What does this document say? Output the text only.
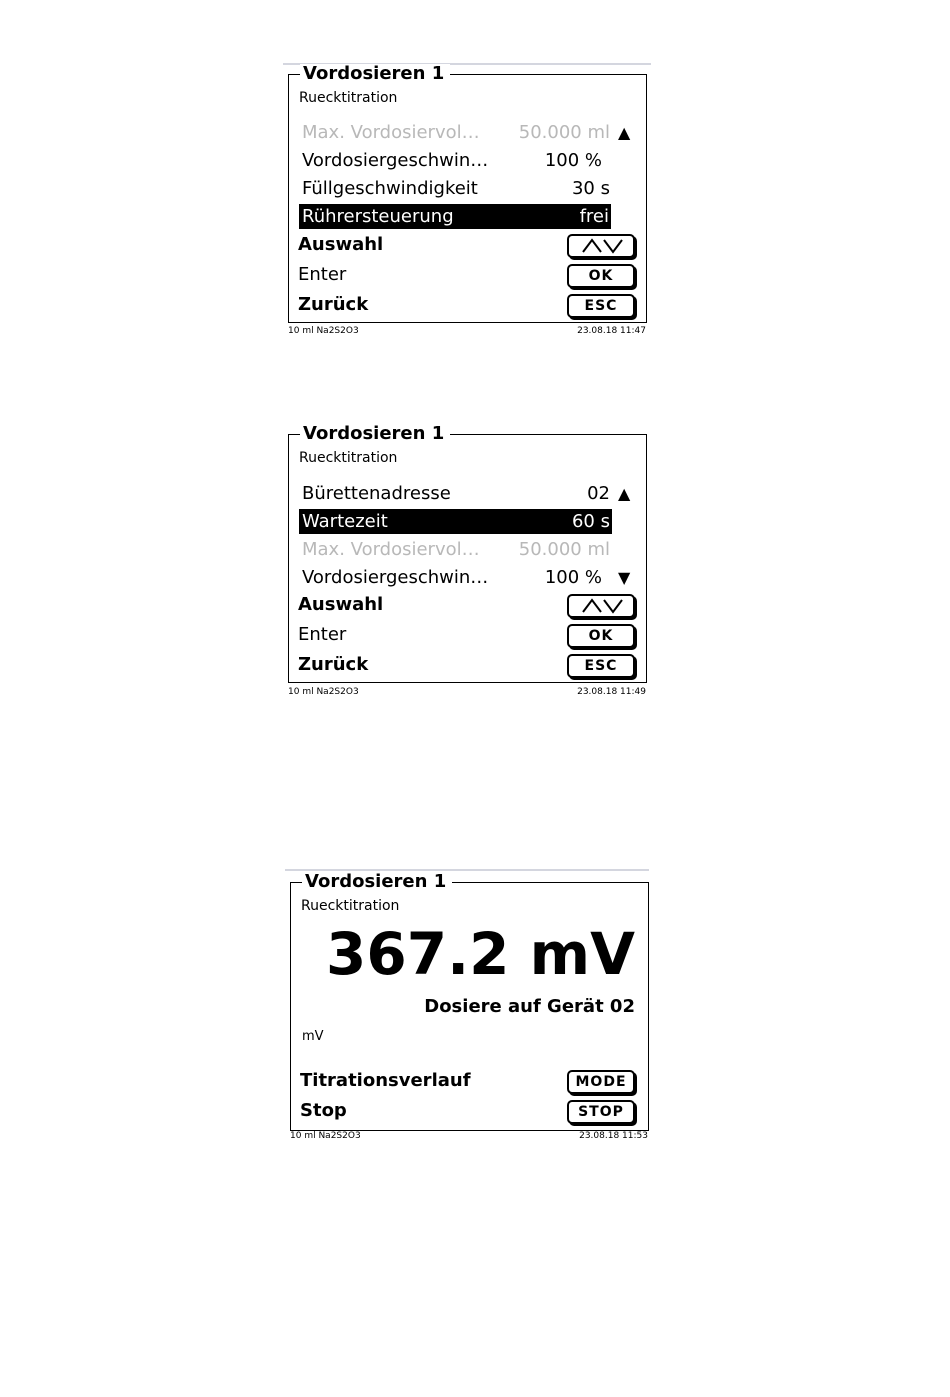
Vordosieren 1
Ruecktitration
Max. Vordosiervol… 50.000 ml ▲
Vordosiergeschwin…	100 %
Füllgeschwindigkeit	30 s
Rührersteuerung	frei
Auswahl
Enter	OK
Zurück	ESC
10 ml Na2S2O3	23.08.18 11:47
Vordosieren 1
Ruecktitration
Bürettenadresse	02 ▲
Wartezeit	60 s
Max. Vordosiervol… 50.000 ml
Vordosiergeschwin…	100 % ▼
Auswahl
Enter	OK
Zurück	ESC
10 ml Na2S2O3	23.08.18 11:49
Vordosieren 1
Ruecktitration
367.2 mV
Dosiere auf Gerät 02
mV
Titrationsverlauf	MODE
Stop	STOP
10 ml Na2S2O3	23.08.18 11:53
